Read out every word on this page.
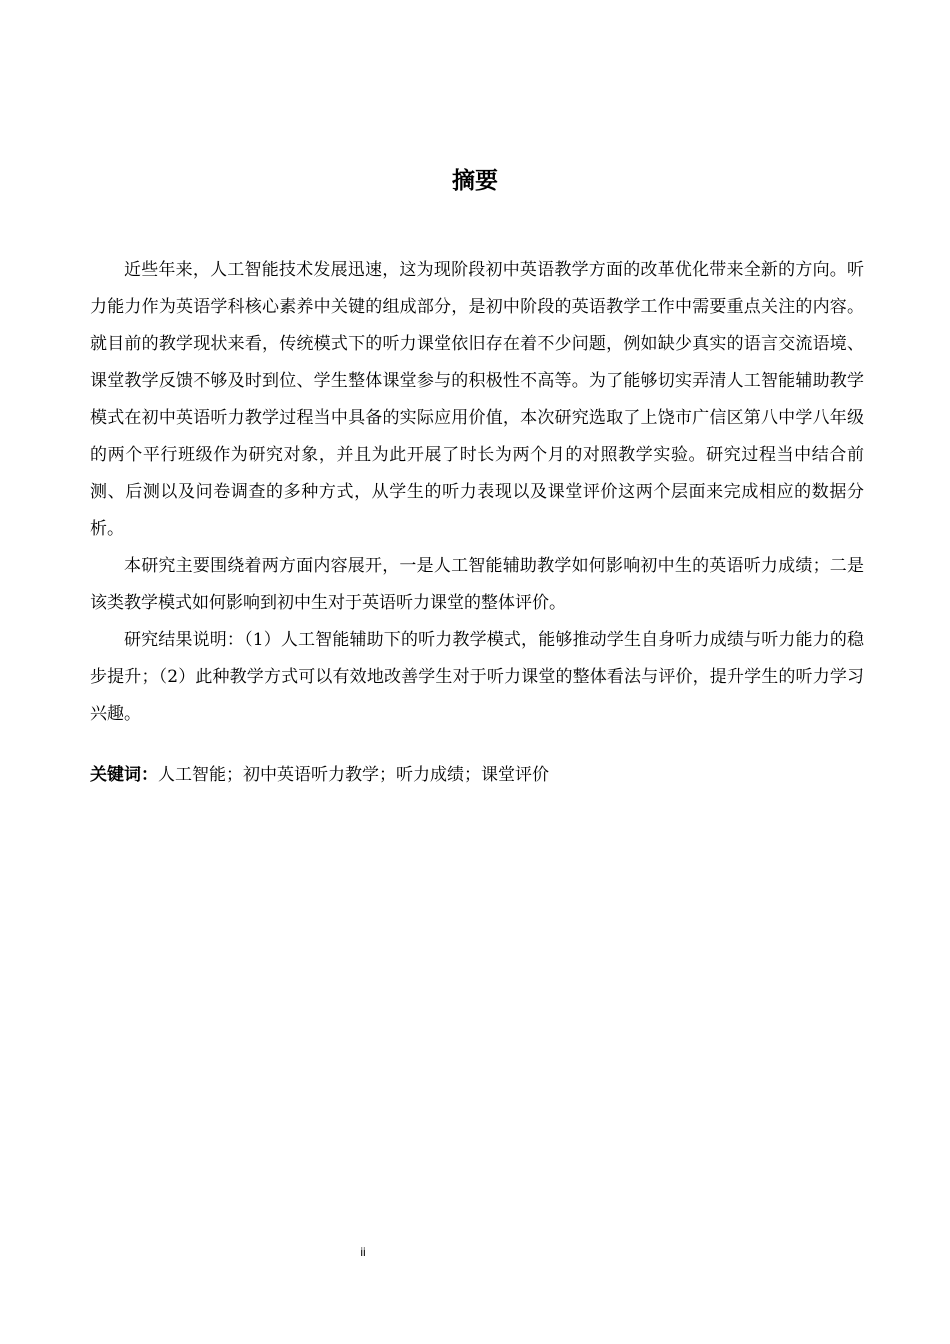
摘要

近些年来，人工智能技术发展迅速，这为现阶段初中英语教学方面的改革优化带来全新的方向。听力能力作为英语学科核心素养中关键的组成部分，是初中阶段的英语教学工作中需要重点关注的内容。就目前的教学现状来看，传统模式下的听力课堂依旧存在着不少问题，例如缺少真实的语言交流语境、课堂教学反馈不够及时到位、学生整体课堂参与的积极性不高等。为了能够切实弄清人工智能辅助教学模式在初中英语听力教学过程当中具备的实际应用价值，本次研究选取了上饶市广信区第八中学八年级的两个平行班级作为研究对象，并且为此开展了时长为两个月的对照教学实验。研究过程当中结合前测、后测以及问卷调查的多种方式，从学生的听力表现以及课堂评价这两个层面来完成相应的数据分析。

本研究主要围绕着两方面内容展开，一是人工智能辅助教学如何影响初中生的英语听力成绩；二是该类教学模式如何影响到初中生对于英语听力课堂的整体评价。

研究结果说明：（1）人工智能辅助下的听力教学模式，能够推动学生自身听力成绩与听力能力的稳步提升；（2）此种教学方式可以有效地改善学生对于听力课堂的整体看法与评价，提升学生的听力学习兴趣。

关键词：人工智能；初中英语听力教学；听力成绩；课堂评价
ii
